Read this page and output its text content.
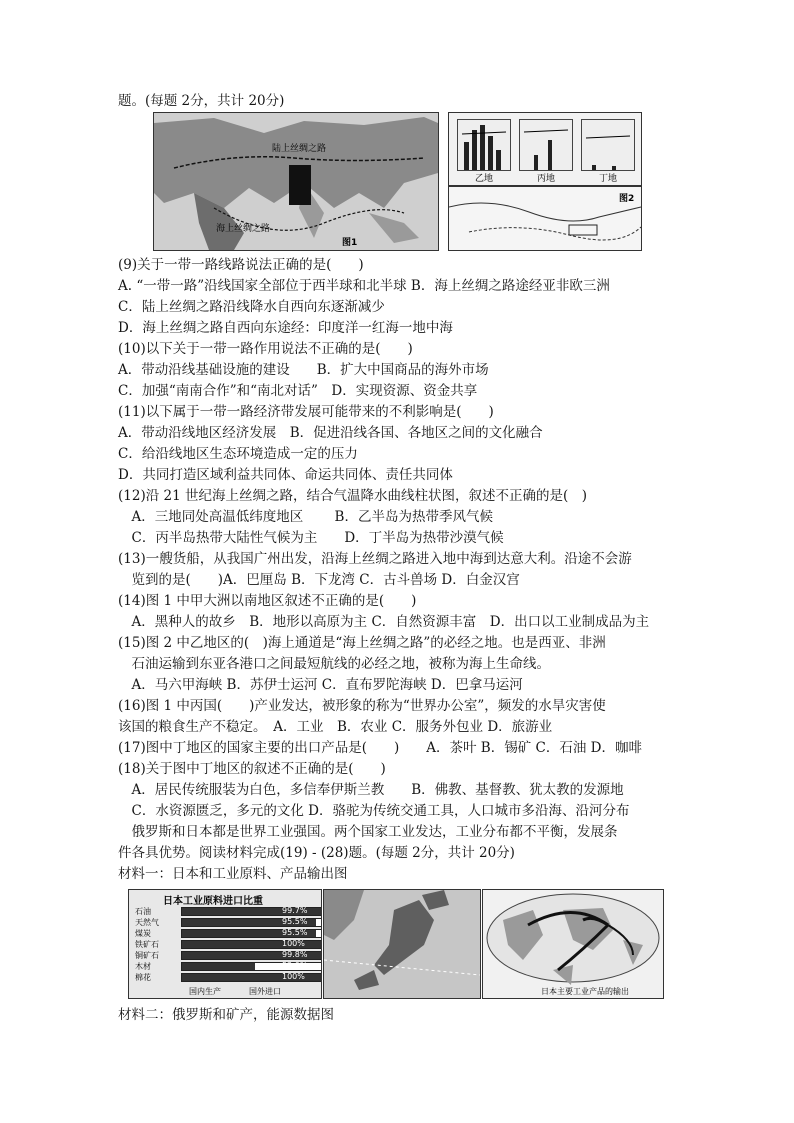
题。(每题 2分，共计 20分)
陆上丝绸之路
海上丝绸之路
图1
乙地	丙地	丁地
图2
(9)关于一带一路线路说法正确的是(　　)
A. “一带一路”沿线国家全部位于西半球和北半球 B．海上丝绸之路途经亚非欧三洲
C．陆上丝绸之路沿线降水自西向东逐渐减少
D．海上丝绸之路自西向东途经：印度洋一红海一地中海
(10)以下关于一带一路作用说法不正确的是(　　)
A．带动沿线基础设施的建设　　B．扩大中国商品的海外市场
C．加强“南南合作”和“南北对话”　D．实现资源、资金共享
(11)以下属于一带一路经济带发展可能带来的不利影响是(　　)
A．带动沿线地区经济发展　B．促进沿线各国、各地区之间的文化融合
C．给沿线地区生态环境造成一定的压力
D．共同打造区域利益共同体、命运共同体、责任共同体
(12)沿 21 世纪海上丝绸之路，结合气温降水曲线柱状图，叙述不正确的是(　)
　A．三地同处高温低纬度地区　　 B．乙半岛为热带季风气候
　C．丙半岛热带大陆性气候为主　　D．丁半岛为热带沙漠气候
(13)一艘货船，从我国广州出发，沿海上丝绸之路进入地中海到达意大利。沿途不会游
　览到的是(　　)A．巴厘岛 B．下龙湾 C．古斗兽场 D．白金汉宫
(14)图 1 中甲大洲以南地区叙述不正确的是(　　)
　A．黑种人的故乡　B．地形以高原为主 C．自然资源丰富　D．出口以工业制成品为主
(15)图 2 中乙地区的(　)海上通道是“海上丝绸之路”的必经之地。也是西亚、非洲
　石油运输到东亚各港口之间最短航线的必经之地，被称为海上生命线。
　A．马六甲海峡 B．苏伊士运河 C．直布罗陀海峡 D．巴拿马运河
(16)图 1 中丙国(　　)产业发达，被形象的称为“世界办公室”，频发的水旱灾害使
该国的粮食生产不稳定。　A．工业　B．农业 C．服务外包业 D．旅游业
(17)图中丁地区的国家主要的出口产品是(　　)　　A．茶叶 B．锡矿 C．石油 D．咖啡
(18)关于图中丁地区的叙述不正确的是(　　)
　A．居民传统服装为白色，多信奉伊斯兰教　　B．佛教、基督教、犹太教的发源地
　C．水资源匮乏，多元的文化 D．骆驼为传统交通工具，人口城市多沿海、沿河分布
　俄罗斯和日本都是世界工业强国。两个国家工业发达，工业分布都不平衡，发展条
件各具优势。阅读材料完成(19) - (28)题。(每题 2分，共计 20分)
材料一：日本和工业原料、产品输出图
日本工业原料进口比重
石油	99.7%
天然气	95.5%
煤炭	95.5%
铁矿石	100%
铜矿石	99.8%
木材	52.0%
棉花	100%
国内生产	国外进口	日本主要工业产品的输出
材料二：俄罗斯和矿产，能源数据图
